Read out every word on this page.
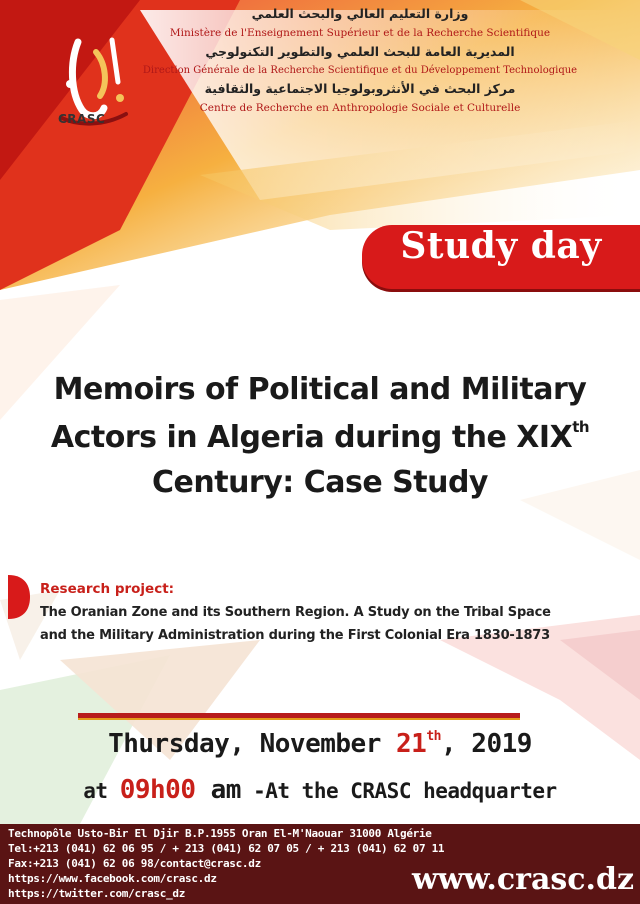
CRASC
وزارة التعليم العالي والبحث العلمي
Ministère de l'Enseignement Supérieur et de la Recherche Scientifique
المديرية العامة للبحث العلمي والتطوير التكنولوجي
Direction Générale de la Recherche Scientifique et du Développement Technologique
مركز البحث في الأنثروبولوجيا الاجتماعية والثقافية
Centre de Recherche en Anthropologie Sociale et Culturelle
Study day
Memoirs of Political and Military
Actors in Algeria during the XIXth
Century: Case Study
Research project:
The Oranian Zone and its Southern Region. A Study on the Tribal Space
and the Military Administration during the First Colonial Era 1830-1873
Thursday, November 21th, 2019
at 09h00 am -At the CRASC headquarter
Technopôle Usto-Bir El Djir B.P.1955 Oran El-M'Naouar 31000 Algérie
Tel:+213 (041) 62 06 95 / + 213 (041) 62 07 05 / + 213 (041) 62 07 11
Fax:+213 (041) 62 06 98/contact@crasc.dz
https://www.facebook.com/crasc.dz
https://twitter.com/crasc_dz	www.crasc.dz
